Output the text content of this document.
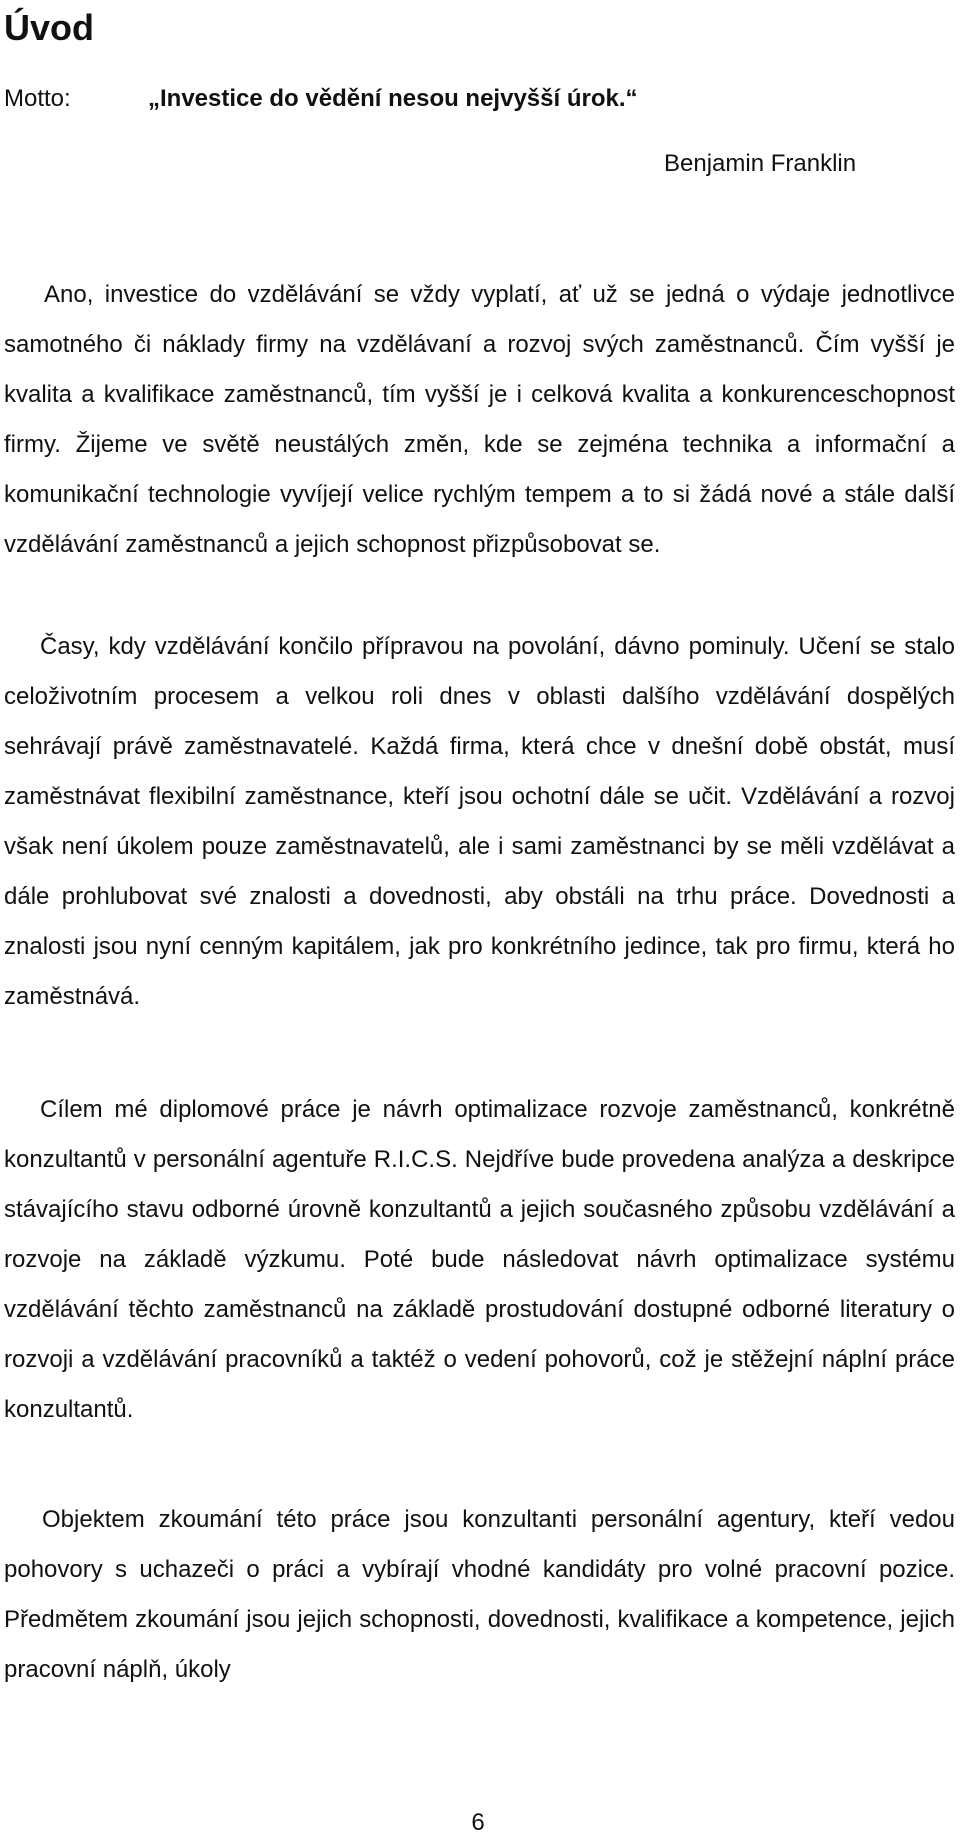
Úvod
Motto:	„Investice do vědění nesou nejvyšší úrok.“
Benjamin Franklin

Ano, investice do vzdělávání se vždy vyplatí, ať už se jedná o výdaje jednotlivce samotného či náklady firmy na vzdělávaní a rozvoj svých zaměstnanců. Čím vyšší je kvalita a kvalifikace zaměstnanců, tím vyšší je i celková kvalita a konkurenceschopnost firmy. Žijeme ve světě neustálých změn, kde se zejména technika a informační a komunikační technologie vyvíjejí velice rychlým tempem a to si žádá nové a stále další vzdělávání zaměstnanců a jejich schopnost přizpůsobovat se.

Časy, kdy vzdělávání končilo přípravou na povolání, dávno pominuly. Učení se stalo celoživotním procesem a velkou roli dnes v oblasti dalšího vzdělávání dospělých sehrávají právě zaměstnavatelé. Každá firma, která chce v dnešní době obstát, musí zaměstnávat flexibilní zaměstnance, kteří jsou ochotní dále se učit. Vzdělávání a rozvoj však není úkolem pouze zaměstnavatelů, ale i sami zaměstnanci by se měli vzdělávat a dále prohlubovat své znalosti a dovednosti, aby obstáli na trhu práce. Dovednosti a znalosti jsou nyní cenným kapitálem, jak pro konkrétního jedince, tak pro firmu, která ho zaměstnává.

Cílem mé diplomové práce je návrh optimalizace rozvoje zaměstnanců, konkrétně konzultantů v personální agentuře R.I.C.S. Nejdříve bude provedena analýza a deskripce stávajícího stavu odborné úrovně konzultantů a jejich současného způsobu vzdělávání a rozvoje na základě výzkumu. Poté bude následovat návrh optimalizace systému vzdělávání těchto zaměstnanců na základě prostudování dostupné odborné literatury o rozvoji a vzdělávání pracovníků a taktéž o vedení pohovorů, což je stěžejní náplní práce konzultantů.

Objektem zkoumání této práce jsou konzultanti personální agentury, kteří vedou pohovory s uchazeči o práci a vybírají vhodné kandidáty pro volné pracovní pozice. Předmětem zkoumání jsou jejich schopnosti, dovednosti, kvalifikace a kompetence, jejich pracovní náplň, úkoly

6
